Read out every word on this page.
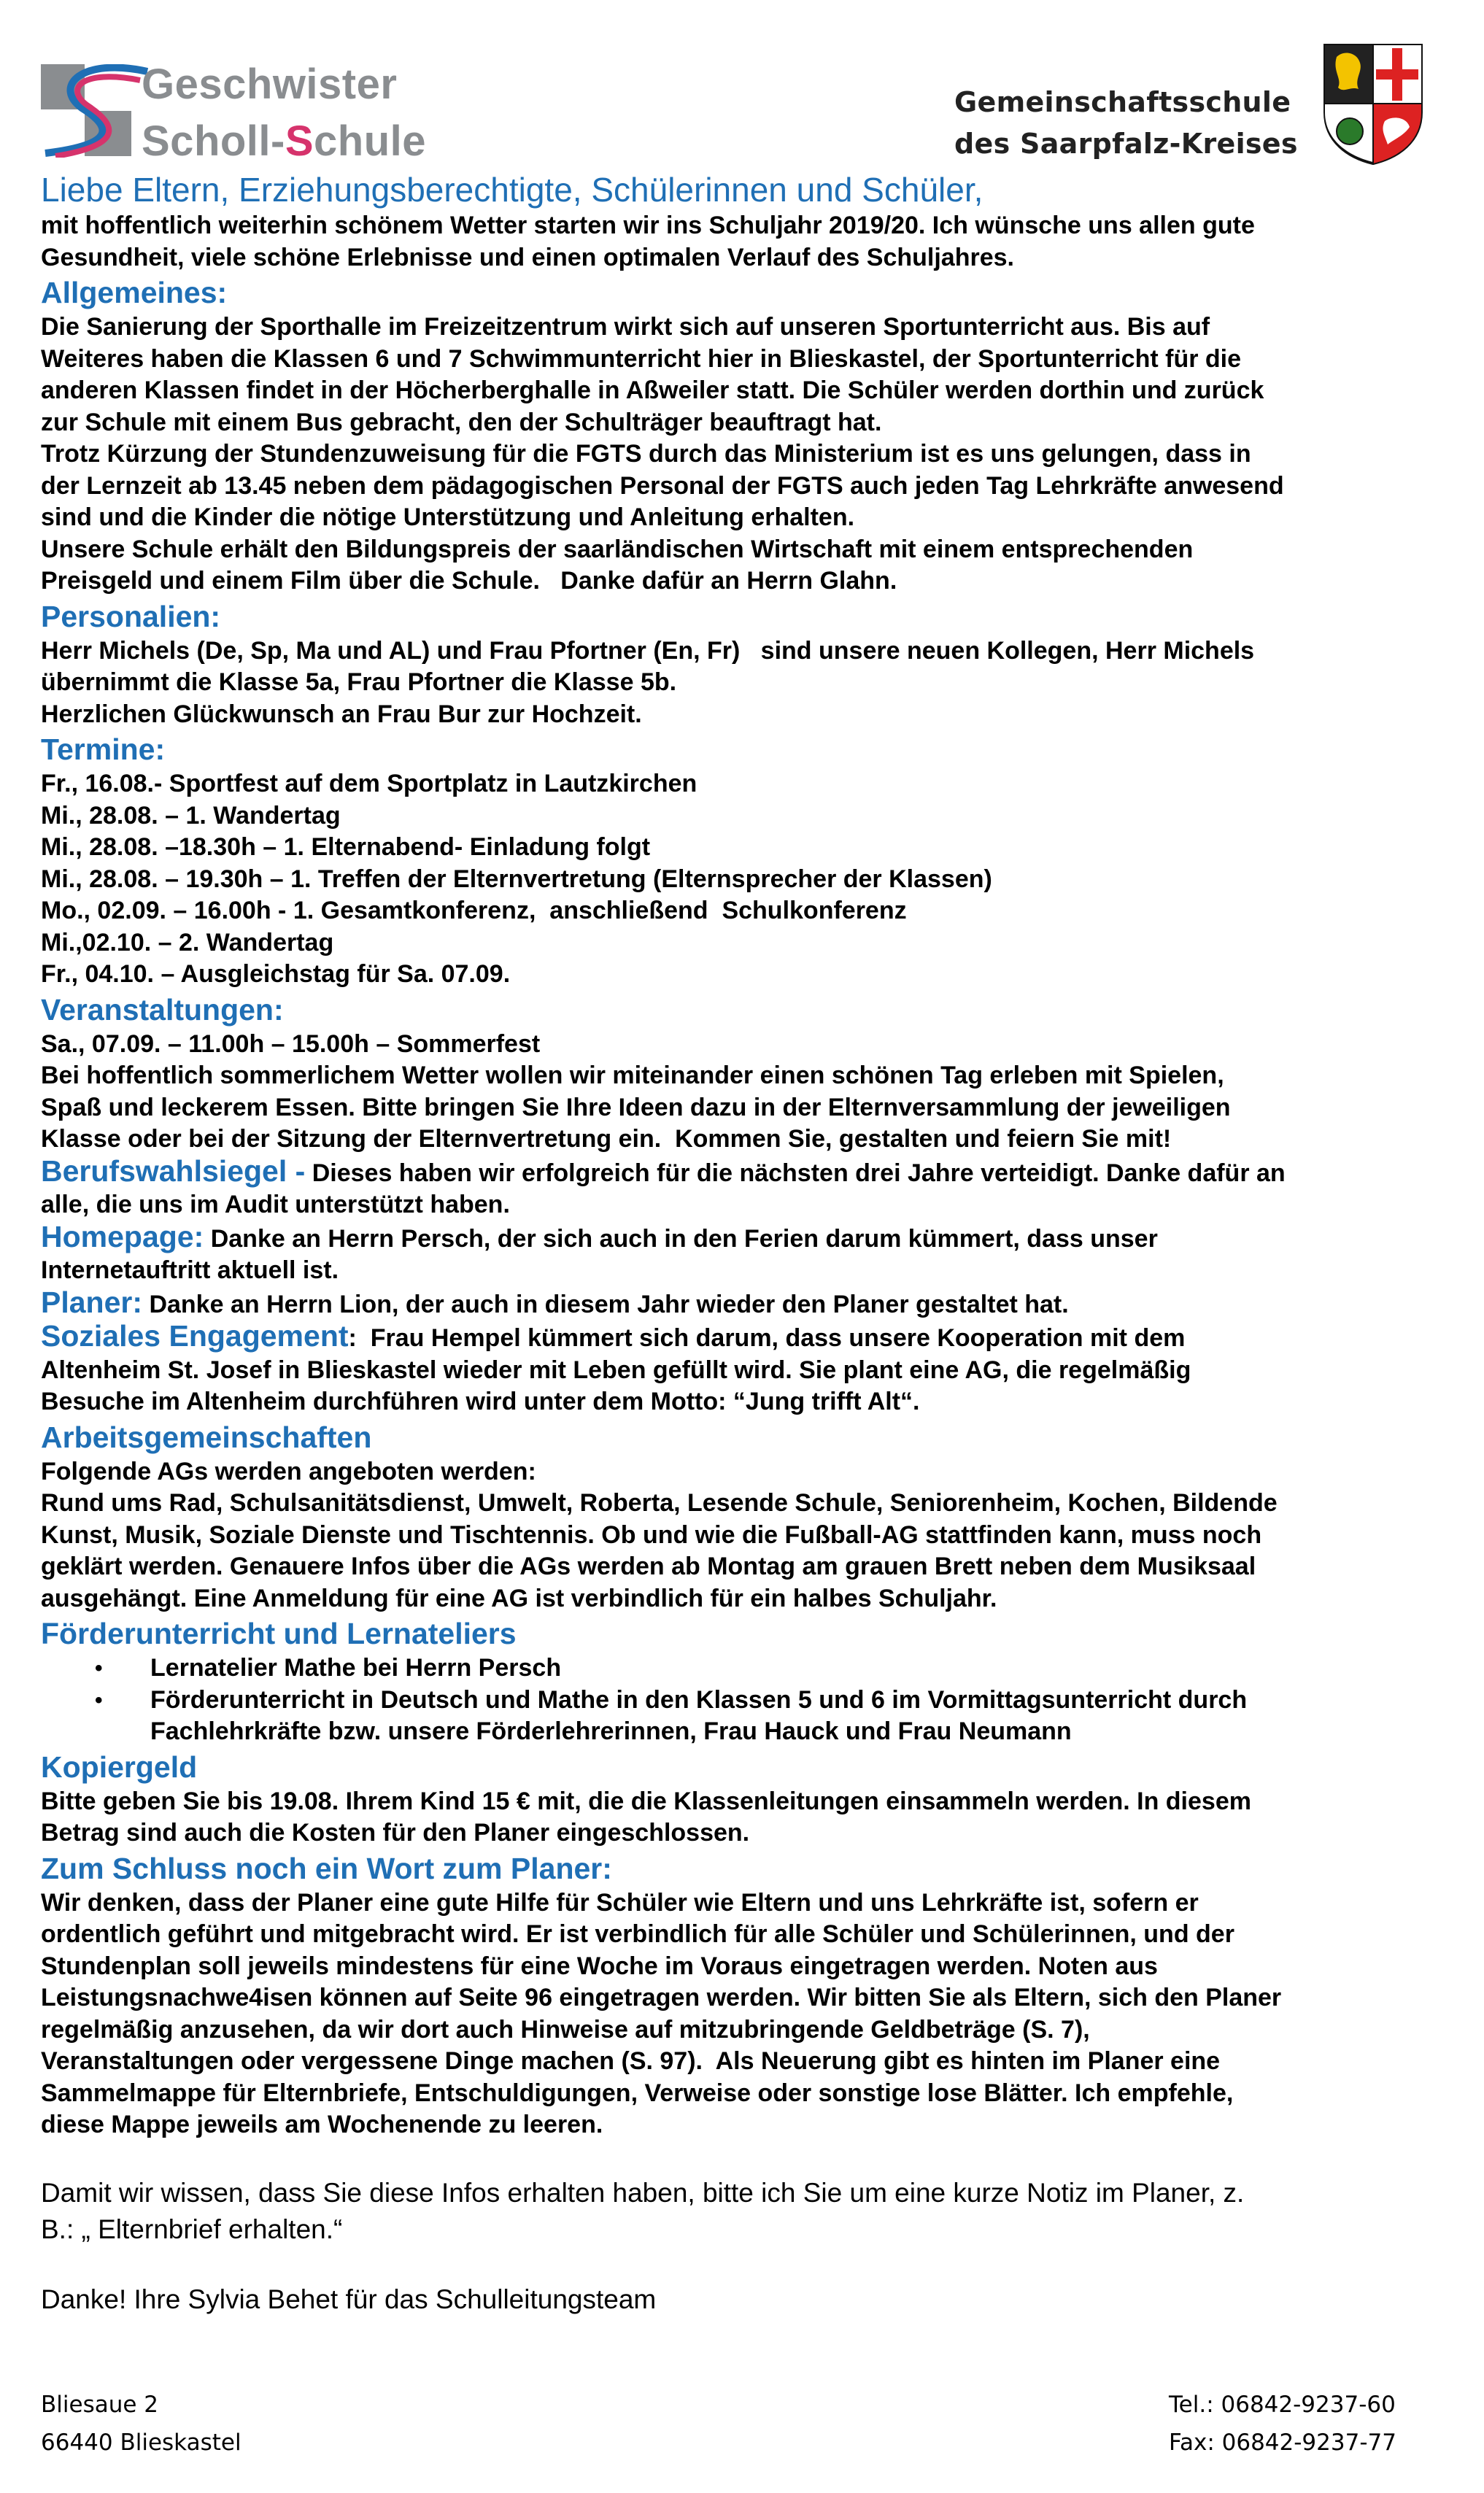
Geschwister
Scholl-Schule
Gemeinschaftsschule
des Saarpfalz-Kreises

Liebe Eltern, Erziehungsberechtigte, Schülerinnen und Schüler,

mit hoffentlich weiterhin schönem Wetter starten wir ins Schuljahr 2019/20. Ich wünsche uns allen gute
Gesundheit, viele schöne Erlebnisse und einen optimalen Verlauf des Schuljahres.

Allgemeines:

Die Sanierung der Sporthalle im Freizeitzentrum wirkt sich auf unseren Sportunterricht aus. Bis auf
Weiteres haben die Klassen 6 und 7 Schwimmunterricht hier in Blieskastel, der Sportunterricht für die
anderen Klassen findet in der Höcherberghalle in Aßweiler statt. Die Schüler werden dorthin und zurück
zur Schule mit einem Bus gebracht, den der Schulträger beauftragt hat.
Trotz Kürzung der Stundenzuweisung für die FGTS durch das Ministerium ist es uns gelungen, dass in
der Lernzeit ab 13.45 neben dem pädagogischen Personal der FGTS auch jeden Tag Lehrkräfte anwesend
sind und die Kinder die nötige Unterstützung und Anleitung erhalten.
Unsere Schule erhält den Bildungspreis der saarländischen Wirtschaft mit einem entsprechenden
Preisgeld und einem Film über die Schule.   Danke dafür an Herrn Glahn.

Personalien:

Herr Michels (De, Sp, Ma und AL) und Frau Pfortner (En, Fr)   sind unsere neuen Kollegen, Herr Michels
übernimmt die Klasse 5a, Frau Pfortner die Klasse 5b.
Herzlichen Glückwunsch an Frau Bur zur Hochzeit.

Termine:

Fr., 16.08.- Sportfest auf dem Sportplatz in Lautzkirchen
Mi., 28.08. – 1. Wandertag
Mi., 28.08. –18.30h – 1. Elternabend- Einladung folgt
Mi., 28.08. – 19.30h – 1. Treffen der Elternvertretung (Elternsprecher der Klassen)
Mo., 02.09. – 16.00h - 1. Gesamtkonferenz,  anschließend  Schulkonferenz
Mi.,02.10. – 2. Wandertag
Fr., 04.10. – Ausgleichstag für Sa. 07.09.

Veranstaltungen:

Sa., 07.09. – 11.00h – 15.00h – Sommerfest
Bei hoffentlich sommerlichem Wetter wollen wir miteinander einen schönen Tag erleben mit Spielen,
Spaß und leckerem Essen. Bitte bringen Sie Ihre Ideen dazu in der Elternversammlung der jeweiligen
Klasse oder bei der Sitzung der Elternvertretung ein.  Kommen Sie, gestalten und feiern Sie mit!

Berufswahlsiegel - Dieses haben wir erfolgreich für die nächsten drei Jahre verteidigt. Danke dafür an
alle, die uns im Audit unterstützt haben.

Homepage: Danke an Herrn Persch, der sich auch in den Ferien darum kümmert, dass unser
Internetauftritt aktuell ist.

Planer: Danke an Herrn Lion, der auch in diesem Jahr wieder den Planer gestaltet hat.

Soziales Engagement:  Frau Hempel kümmert sich darum, dass unsere Kooperation mit dem
Altenheim St. Josef in Blieskastel wieder mit Leben gefüllt wird. Sie plant eine AG, die regelmäßig
Besuche im Altenheim durchführen wird unter dem Motto: “Jung trifft Alt“.

Arbeitsgemeinschaften

Folgende AGs werden angeboten werden:
Rund ums Rad, Schulsanitätsdienst, Umwelt, Roberta, Lesende Schule, Seniorenheim, Kochen, Bildende
Kunst, Musik, Soziale Dienste und Tischtennis. Ob und wie die Fußball-AG stattfinden kann, muss noch
geklärt werden. Genauere Infos über die AGs werden ab Montag am grauen Brett neben dem Musiksaal
ausgehängt. Eine Anmeldung für eine AG ist verbindlich für ein halbes Schuljahr.

Förderunterricht und Lernateliers

• Lernatelier Mathe bei Herrn Persch
• Förderunterricht in Deutsch und Mathe in den Klassen 5 und 6 im Vormittagsunterricht durch
Fachlehrkräfte bzw. unsere Förderlehrerinnen, Frau Hauck und Frau Neumann

Kopiergeld

Bitte geben Sie bis 19.08. Ihrem Kind 15 € mit, die die Klassenleitungen einsammeln werden. In diesem
Betrag sind auch die Kosten für den Planer eingeschlossen.

Zum Schluss noch ein Wort zum Planer:

Wir denken, dass der Planer eine gute Hilfe für Schüler wie Eltern und uns Lehrkräfte ist, sofern er
ordentlich geführt und mitgebracht wird. Er ist verbindlich für alle Schüler und Schülerinnen, und der
Stundenplan soll jeweils mindestens für eine Woche im Voraus eingetragen werden. Noten aus
Leistungsnachwe4isen können auf Seite 96 eingetragen werden. Wir bitten Sie als Eltern, sich den Planer
regelmäßig anzusehen, da wir dort auch Hinweise auf mitzubringende Geldbeträge (S. 7),
Veranstaltungen oder vergessene Dinge machen (S. 97).  Als Neuerung gibt es hinten im Planer eine
Sammelmappe für Elternbriefe, Entschuldigungen, Verweise oder sonstige lose Blätter. Ich empfehle,
diese Mappe jeweils am Wochenende zu leeren.

Damit wir wissen, dass Sie diese Infos erhalten haben, bitte ich Sie um eine kurze Notiz im Planer, z.
B.: „ Elternbrief erhalten.“

Danke! Ihre Sylvia Behet für das Schulleitungsteam

Bliesaue 2
66440 Blieskastel
Tel.: 06842-9237-60
Fax: 06842-9237-77
